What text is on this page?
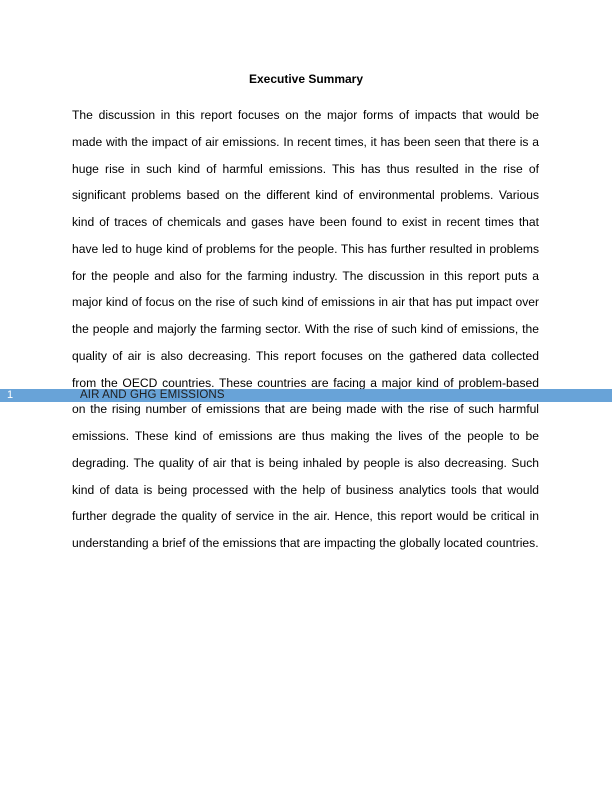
Executive Summary

The discussion in this report focuses on the major forms of impacts that would be made with the impact of air emissions. In recent times, it has been seen that there is a huge rise in such kind of harmful emissions. This has thus resulted in the rise of significant problems based on the different kind of environmental problems. Various kind of traces of chemicals and gases have been found to exist in recent times that have led to huge kind of problems for the people. This has further resulted in problems for the people and also for the farming industry. The discussion in this report puts a major kind of focus on the rise of such kind of emissions in air that has put impact over the people and majorly the farming sector. With the rise of such kind of emissions, the quality of air is also decreasing. This report focuses on the gathered data collected from the OECD countries. These countries are facing a major kind of problem-based on the rising number of emissions that are being made with the rise of such harmful emissions. These kind of emissions are thus making the lives of the people to be degrading. The quality of air that is being inhaled by people is also decreasing. Such kind of data is being processed with the help of business analytics tools that would further degrade the quality of service in the air. Hence, this report would be critical in understanding a brief of the emissions that are impacting the globally located countries.

1	AIR AND GHG EMISSIONS
